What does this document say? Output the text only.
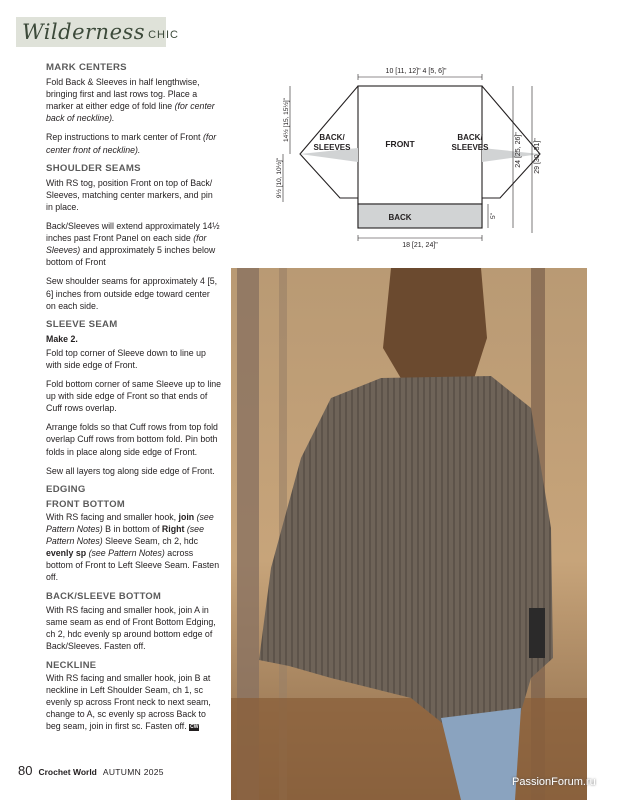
Wilderness CHIC
MARK CENTERS

Fold Back & Sleeves in half lengthwise, bringing first and last rows tog. Place a marker at either edge of fold line (for center back of neckline).

Rep instructions to mark center of Front (for center front of neckline).

SHOULDER SEAMS

With RS tog, position Front on top of Back/ Sleeves, matching center markers, and pin in place.

Back/Sleeves will extend approximately 14½ inches past Front Panel on each side (for Sleeves) and approximately 5 inches below bottom of Front

Sew shoulder seams for approximately 4 [5, 6] inches from outside edge toward center on each side.

SLEEVE SEAM

Make 2.

Fold top corner of Sleeve down to line up with side edge of Front.

Fold bottom corner of same Sleeve up to line up with side edge of Front so that ends of Cuff rows overlap.

Arrange folds so that Cuff rows from top fold overlap Cuff rows from bottom fold. Pin both folds in place along side edge of Front.

Sew all layers tog along side edge of Front.

EDGING
FRONT BOTTOM

With RS facing and smaller hook, join (see Pattern Notes) B in bottom of Right (see Pattern Notes) Sleeve Seam, ch 2, hdc evenly sp (see Pattern Notes) across bottom of Front to Left Sleeve Seam. Fasten off.

BACK/SLEEVE BOTTOM

With RS facing and smaller hook, join A in same seam as end of Front Bottom Edging, ch 2, hdc evenly sp around bottom edge of Back/Sleeves. Fasten off.

NECKLINE

With RS facing and smaller hook, join B at neckline in Left Shoulder Seam, ch 1, sc evenly sp across Front neck to next seam, change to A, sc evenly sp across Back to beg seam, join in first sc. Fasten off. CW

FRONT
BACK
BACK/
SLEEVES
BACK/
SLEEVES
10 [11, 12]" 4 [5, 6]"
18 [21, 24]"
9½ [10, 10½]"
14½ [15, 15½]"
24 [25, 26]" 29 [30, 31]"
5"
80 Crochet World AUTUMN 2025
PassionForum.ru
